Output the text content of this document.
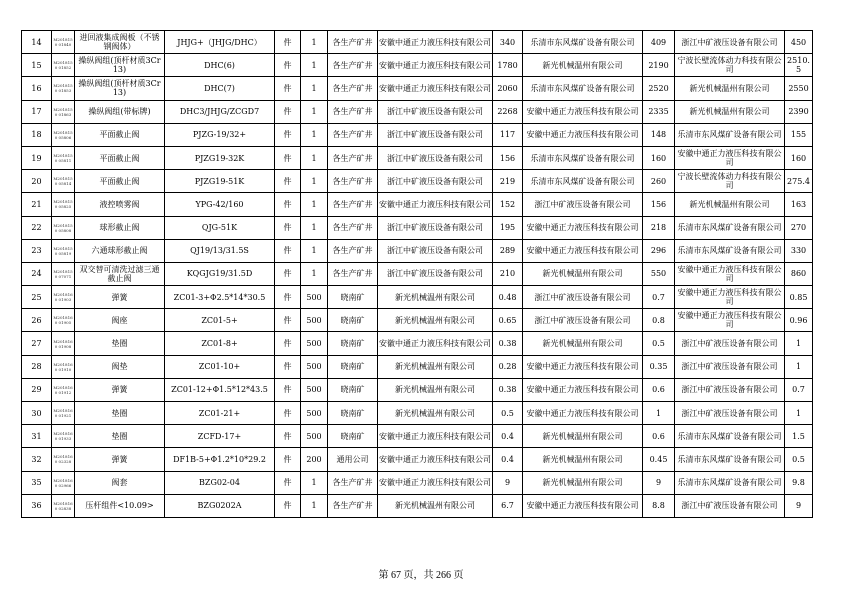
14	M2018150 01840	进回液集成阀板（不锈钢阀体）	JHJG+（JHJG/DHC）	件	1	各生产矿井	安徽中通正力液压科技有限公司	340	乐清市东风煤矿设备有限公司	409	浙江中矿液压设备有限公司	450
15	M2018150 01852	操纵阀组(顶杆材质3Cr13)	DHC(6)	件	1	各生产矿井	安徽中通正力液压科技有限公司	1780	新光机械温州有限公司	2190	宁波长壁流体动力科技有限公司	2510.5
16	M2018150 01853	操纵阀组(顶杆材质3Cr13)	DHC(7)	件	1	各生产矿井	安徽中通正力液压科技有限公司	2060	乐清市东风煤矿设备有限公司	2520	新光机械温州有限公司	2550
17	M2018150 01863	操纵阀组(带标牌)	DHC3/JHJG/ZCGD7	件	1	各生产矿井	浙江中矿液压设备有限公司	2268	安徽中通正力液压科技有限公司	2335	新光机械温州有限公司	2390
18	M2018150 05806	平面截止阀	PJZG-19/32+	件	1	各生产矿井	浙江中矿液压设备有限公司	117	安徽中通正力液压科技有限公司	148	乐清市东风煤矿设备有限公司	155
19	M2018150 05811	平面截止阀	PJZG19-32K	件	1	各生产矿井	浙江中矿液压设备有限公司	156	乐清市东风煤矿设备有限公司	160	安徽中通正力液压科技有限公司	160
20	M2018150 05814	平面截止阀	PJZG19-51K	件	1	各生产矿井	浙江中矿液压设备有限公司	219	乐清市东风煤矿设备有限公司	260	宁波长壁流体动力科技有限公司	275.4
21	M2018150 05825	液控喷雾阀	YPG-42/160	件	1	各生产矿井	安徽中通正力液压科技有限公司	152	浙江中矿液压设备有限公司	156	新光机械温州有限公司	163
22	M2018150 05808	球形截止阀	QJG-51K	件	1	各生产矿井	浙江中矿液压设备有限公司	195	安徽中通正力液压科技有限公司	218	乐清市东风煤矿设备有限公司	270
23	M2018150 05819	六通球形截止阀	QJ19/13/31.5S	件	1	各生产矿井	浙江中矿液压设备有限公司	289	安徽中通正力液压科技有限公司	296	乐清市东风煤矿设备有限公司	330
24	M2018150 07071	双交替可清洗过滤三通截止阀	KQGJG19/31.5D	件	1	各生产矿井	浙江中矿液压设备有限公司	210	新光机械温州有限公司	550	安徽中通正力液压科技有限公司	860
25	M2018160 01903	弹簧	ZC01-3+Φ2.5*14*30.5	件	500	晓南矿	新光机械温州有限公司	0.48	浙江中矿液压设备有限公司	0.7	安徽中通正力液压科技有限公司	0.85
26	M2018160 01905	阀座	ZC01-5+	件	500	晓南矿	新光机械温州有限公司	0.65	浙江中矿液压设备有限公司	0.8	安徽中通正力液压科技有限公司	0.96
27	M2018160 01908	垫圈	ZC01-8+	件	500	晓南矿	安徽中通正力液压科技有限公司	0.38	新光机械温州有限公司	0.5	浙江中矿液压设备有限公司	1
28	M2018160 01910	阀垫	ZC01-10+	件	500	晓南矿	新光机械温州有限公司	0.28	安徽中通正力液压科技有限公司	0.35	浙江中矿液压设备有限公司	1
29	M2018160 01912	弹簧	ZC01-12+Φ1.5*12*43.5	件	500	晓南矿	新光机械温州有限公司	0.38	安徽中通正力液压科技有限公司	0.6	浙江中矿液压设备有限公司	0.7
30	M2018160 01921	垫圈	ZC01-21+	件	500	晓南矿	新光机械温州有限公司	0.5	安徽中通正力液压科技有限公司	1	浙江中矿液压设备有限公司	1
31	M2018160 01933	垫圈	ZCFD-17+	件	500	晓南矿	安徽中通正力液压科技有限公司	0.4	新光机械温州有限公司	0.6	乐清市东风煤矿设备有限公司	1.5
32	M2018160 02328	弹簧	DF1B-5+Φ1.2*10*29.2	件	200	通用公司	安徽中通正力液压科技有限公司	0.4	新光机械温州有限公司	0.45	乐清市东风煤矿设备有限公司	0.5
35	M2018160 02966	阀套	BZG02-04	件	1	各生产矿井	安徽中通正力液压科技有限公司	9	新光机械温州有限公司	9	乐清市东风煤矿设备有限公司	9.8
36	M2018160 02838	压杆组件<10.09>	BZG0202A	件	1	各生产矿井	新光机械温州有限公司	6.7	安徽中通正力液压科技有限公司	8.8	浙江中矿液压设备有限公司	9
第 67 页，共 266 页
